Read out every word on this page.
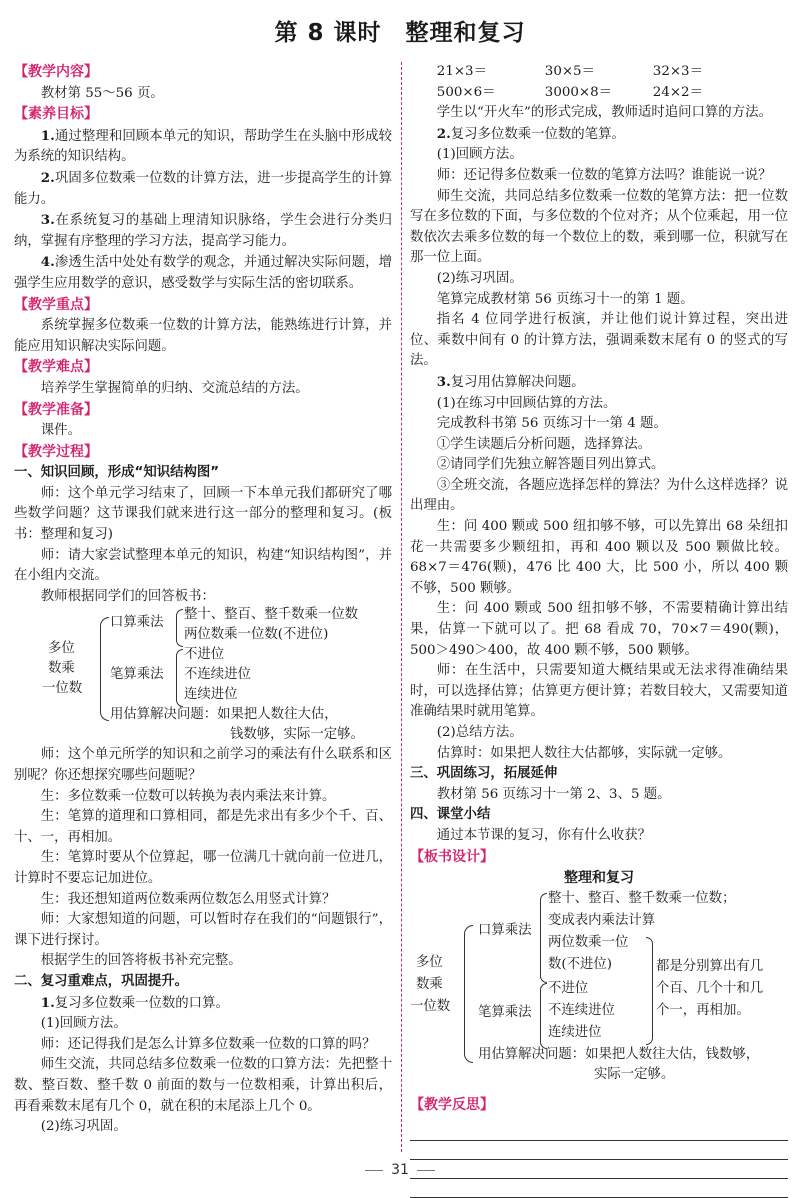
第 8 课时　整理和复习
【教学内容】

教材第 55～56 页。

【素养目标】

1.通过整理和回顾本单元的知识，帮助学生在头脑中形成较为系统的知识结构。

2.巩固多位数乘一位数的计算方法，进一步提高学生的计算能力。

3.在系统复习的基础上理清知识脉络，学生会进行分类归纳，掌握有序整理的学习方法，提高学习能力。

4.渗透生活中处处有数学的观念，并通过解决实际问题，增强学生应用数学的意识，感受数学与实际生活的密切联系。

【教学重点】

系统掌握多位数乘一位数的计算方法，能熟练进行计算，并能应用知识解决实际问题。

【教学难点】

培养学生掌握简单的归纳、交流总结的方法。

【教学准备】

课件。

【教学过程】

一、知识回顾，形成“知识结构图”

师：这个单元学习结束了，回顾一下本单元我们都研究了哪些数学问题？这节课我们就来进行这一部分的整理和复习。(板书：整理和复习)

师：请大家尝试整理本单元的知识，构建“知识结构图”，并在小组内交流。

教师根据同学们的回答板书：

多位
数乘
一位数
口算乘法
整十、整百、整千数乘一位数
两位数乘一位数(不进位)
笔算乘法
不进位
不连续进位
连续进位
用估算解决问题：如果把人数往大估，
钱数够，实际一定够。

师：这个单元所学的知识和之前学习的乘法有什么联系和区别呢？你还想探究哪些问题呢？

生：多位数乘一位数可以转换为表内乘法来计算。

生：笔算的道理和口算相同，都是先求出有多少个千、百、十、一，再相加。

生：笔算时要从个位算起，哪一位满几十就向前一位进几，计算时不要忘记加进位。

生：我还想知道两位数乘两位数怎么用竖式计算？

师：大家想知道的问题，可以暂时存在我们的“问题银行”，课下进行探讨。

根据学生的回答将板书补充完整。

二、复习重难点，巩固提升。

1.复习多位数乘一位数的口算。

(1)回顾方法。

师：还记得我们是怎么计算多位数乘一位数的口算的吗？

师生交流，共同总结多位数乘一位数的口算方法：先把整十数、整百数、整千数 0 前面的数与一位数相乘，计算出积后，再看乘数末尾有几个 0，就在积的末尾添上几个 0。

(2)练习巩固。

21×3＝	30×5＝	32×3＝
500×6＝	3000×8＝	24×2＝

学生以“开火车”的形式完成，教师适时追问口算的方法。

2.复习多位数乘一位数的笔算。

(1)回顾方法。

师：还记得多位数乘一位数的笔算方法吗？谁能说一说？

师生交流，共同总结多位数乘一位数的笔算方法：把一位数写在多位数的下面，与多位数的个位对齐；从个位乘起，用一位数依次去乘多位数的每一个数位上的数，乘到哪一位，积就写在那一位上面。

(2)练习巩固。

笔算完成教材第 56 页练习十一的第 1 题。

指名 4 位同学进行板演，并让他们说计算过程，突出进位、乘数中间有 0 的计算方法，强调乘数末尾有 0 的竖式的写法。

3.复习用估算解决问题。

(1)在练习中回顾估算的方法。

完成教科书第 56 页练习十一第 4 题。

①学生读题后分析问题，选择算法。

②请同学们先独立解答题目列出算式。

③全班交流，各题应选择怎样的算法？为什么这样选择？说出理由。

生：问 400 颗或 500 纽扣够不够，可以先算出 68 朵纽扣花一共需要多少颗纽扣，再和 400 颗以及 500 颗做比较。68×7＝476(颗)，476 比 400 大，比 500 小，所以 400 颗不够，500 颗够。

生：问 400 颗或 500 纽扣够不够，不需要精确计算出结果，估算一下就可以了。把 68 看成 70，70×7＝490(颗)，500＞490＞400，故 400 颗不够，500 颗够。

师：在生活中，只需要知道大概结果或无法求得准确结果时，可以选择估算；估算更方便计算；若数目较大，又需要知道准确结果时就用笔算。

(2)总结方法。

估算时：如果把人数往大估都够，实际就一定够。

三、巩固练习，拓展延伸

教材第 56 页练习十一第 2、3、5 题。

四、课堂小结

通过本节课的复习，你有什么收获？

【板书设计】
整理和复习
多位
数乘
一位数
口算乘法
整十、整百、整千数乘一位数；
变成表内乘法计算
两位数乘一位
数(不进位)
笔算乘法
不进位
不连续进位
连续进位
都是分别算出有几
个百、几个十和几
个一，再相加。
用估算解决问题：如果把人数往大估，钱数够，
实际一定够。
【教学反思】
31
